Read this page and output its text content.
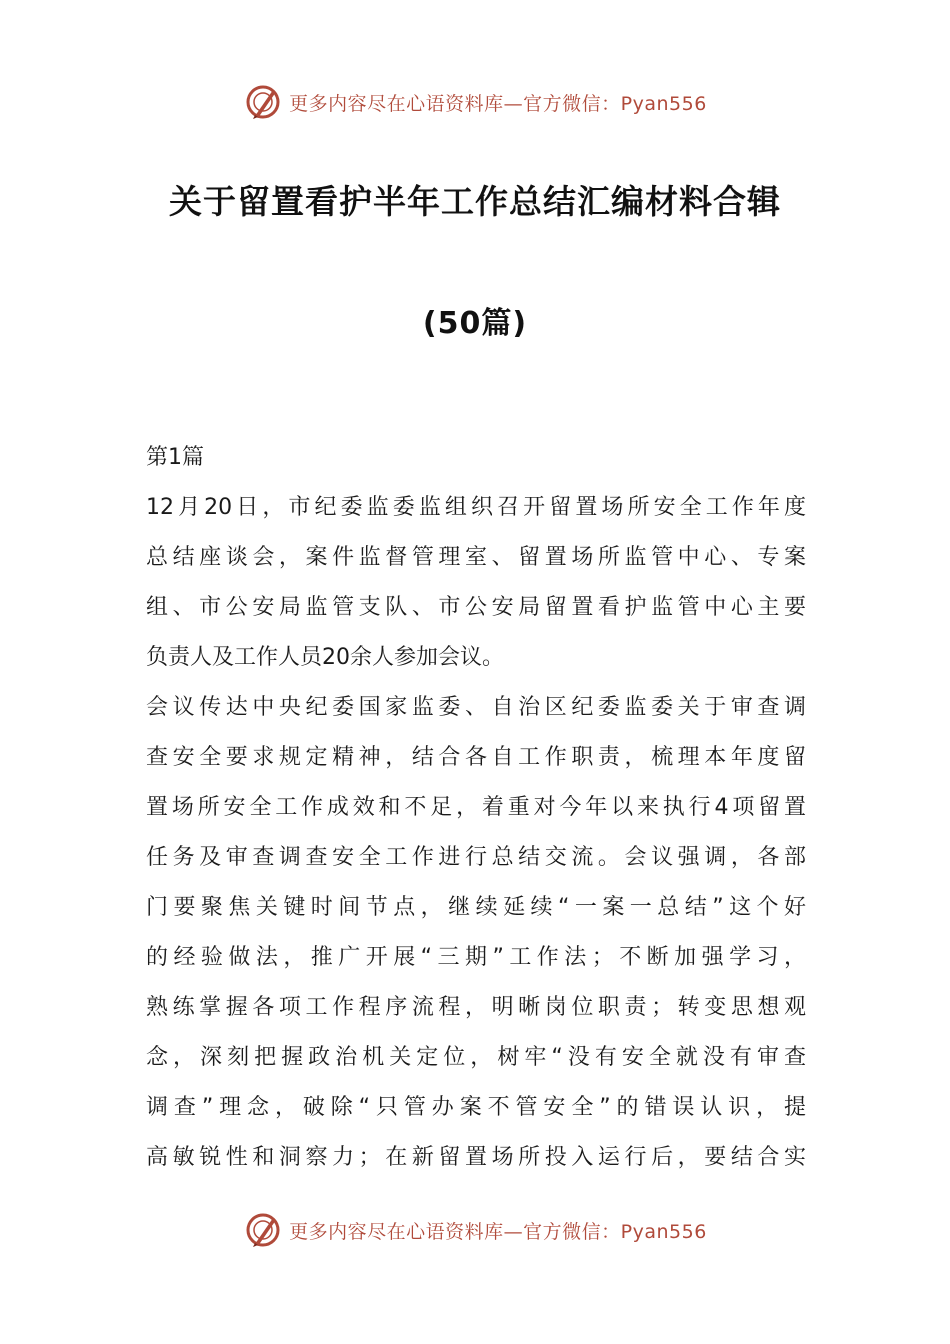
更多内容尽在心语资料库—官方微信：Pyan556
关于留置看护半年工作总结汇编材料合辑
(50篇)
第1篇
12月20日，市纪委监委监组织召开留置场所安全工作年度
总结座谈会，案件监督管理室、留置场所监管中心、专案
组、市公安局监管支队、市公安局留置看护监管中心主要
负责人及工作人员20余人参加会议。
会议传达中央纪委国家监委、自治区纪委监委关于审查调
查安全要求规定精神，结合各自工作职责，梳理本年度留
置场所安全工作成效和不足，着重对今年以来执行4项留置
任务及审查调查安全工作进行总结交流。会议强调，各部
门要聚焦关键时间节点，继续延续“一案一总结”这个好
的经验做法，推广开展“三期”工作法；不断加强学习，
熟练掌握各项工作程序流程，明晰岗位职责；转变思想观
念，深刻把握政治机关定位，树牢“没有安全就没有审查
调查”理念，破除“只管办案不管安全”的错误认识，提
高敏锐性和洞察力；在新留置场所投入运行后，要结合实
更多内容尽在心语资料库—官方微信：Pyan556
